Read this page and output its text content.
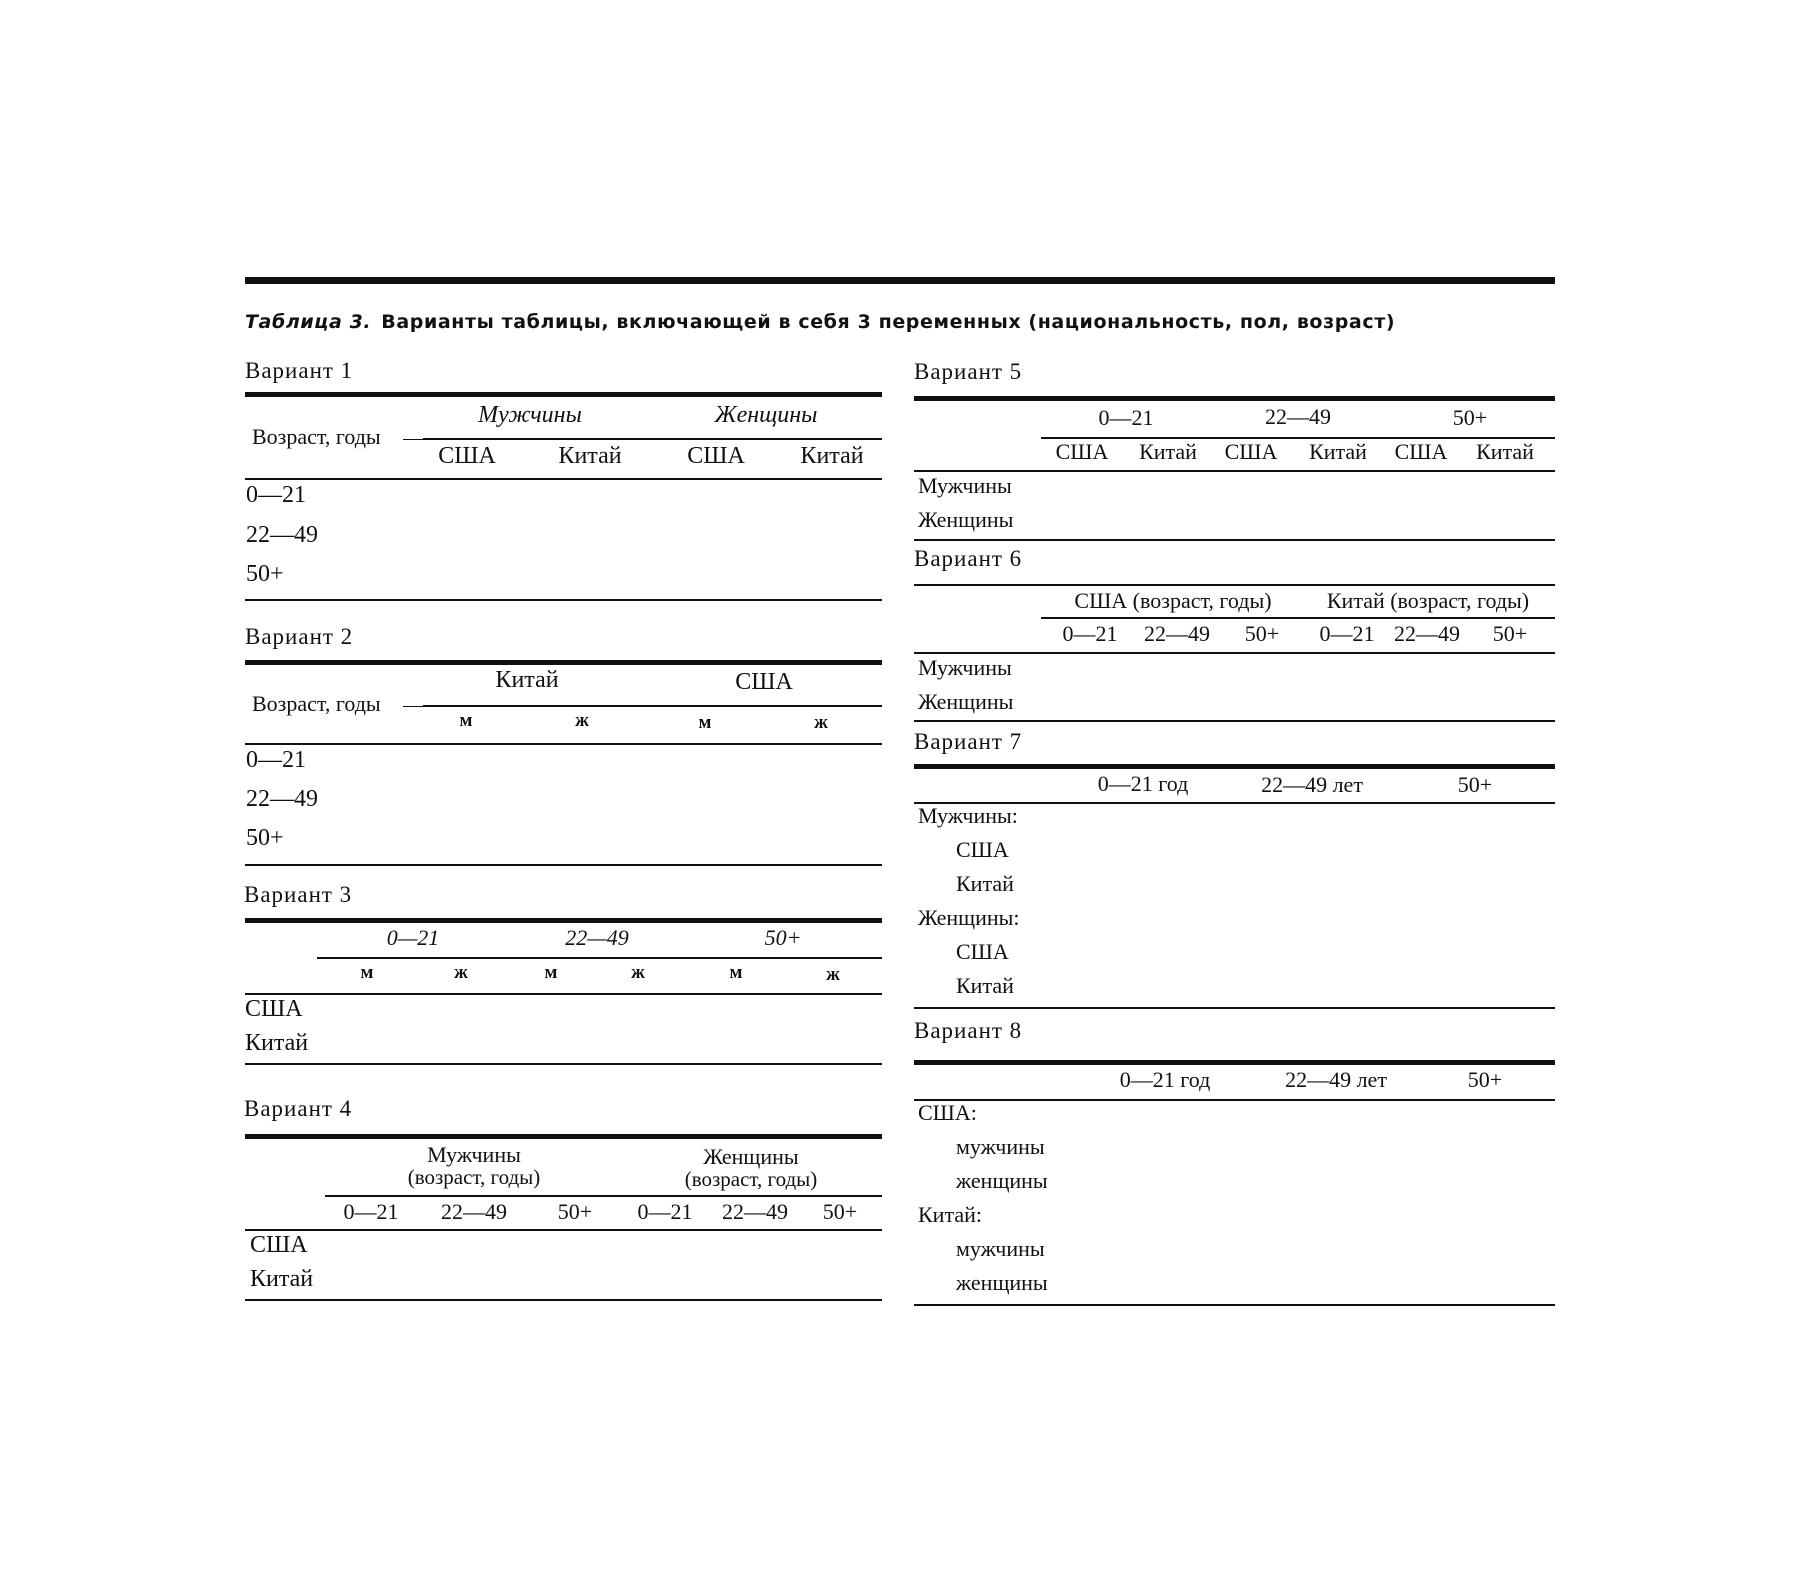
Таблица 3. Варианты таблицы, включающей в себя 3 переменных (национальность, пол, возраст)
Вариант 1
Возраст, годы
Мужчины	Женщины
США	Китай	США Китай
0—21
22—49
50+
Вариант 2
Возраст, годы
Китай	США
м	ж	м	ж
0—21
22—49
50+
Вариант 3
0—21	22—49	50+
м	ж	м	ж	м	ж
США
Китай
Вариант 4
Мужчины
(возраст, годы)
Женщины
(возраст, годы)
0—21 22—49 50+ 0—21 22—49 50+
США
Китай
Вариант 5
0—21	22—49	50+
США Китай США Китай США Китай
Мужчины
Женщины
Вариант 6
США (возраст, годы)	Китай (возраст, годы)
0—21 22—49 50+ 0—21 22—49 50+
Мужчины
Женщины
Вариант 7
0—21 год	22—49 лет	50+
Мужчины:
США
Китай
Женщины:
США
Китай
Вариант 8
0—21 год	22—49 лет	50+
США:
мужчины
женщины
Китай:
мужчины
женщины
